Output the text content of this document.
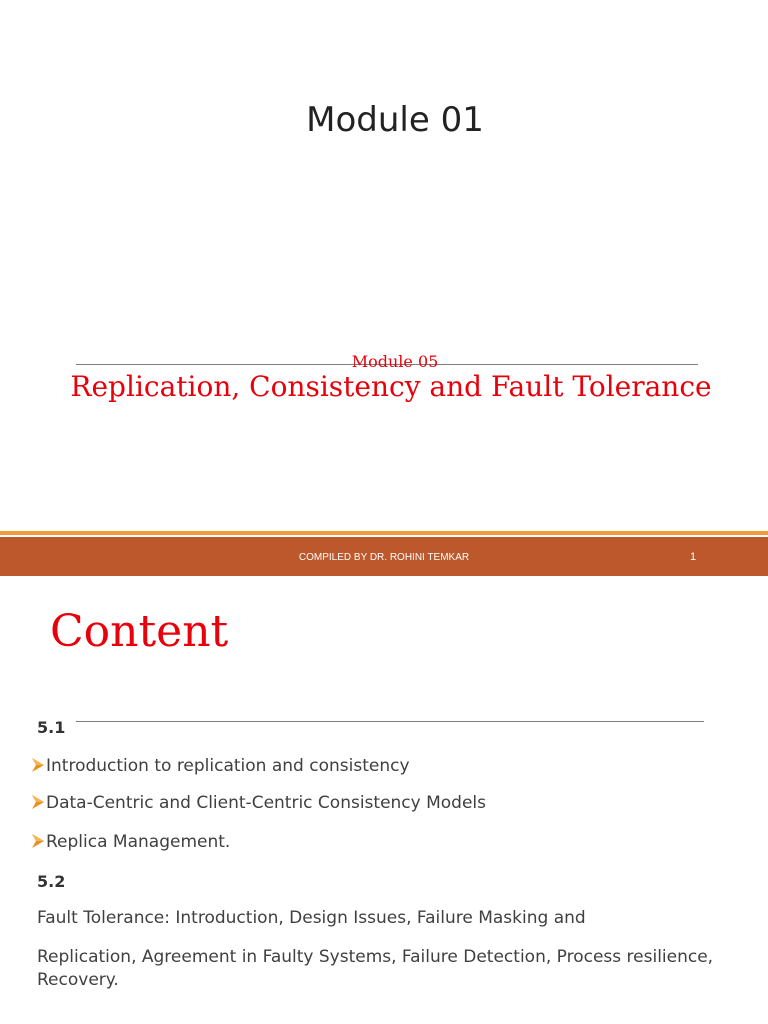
Module 01
Module 05
Replication, Consistency and Fault Tolerance
COMPILED BY DR. ROHINI TEMKAR	1
Content
5.1
Introduction to replication and consistency
Data-Centric and Client-Centric Consistency Models
Replica Management.
5.2
Fault Tolerance: Introduction, Design Issues, Failure Masking and
Replication, Agreement in Faulty Systems, Failure Detection, Process resilience, Recovery.
